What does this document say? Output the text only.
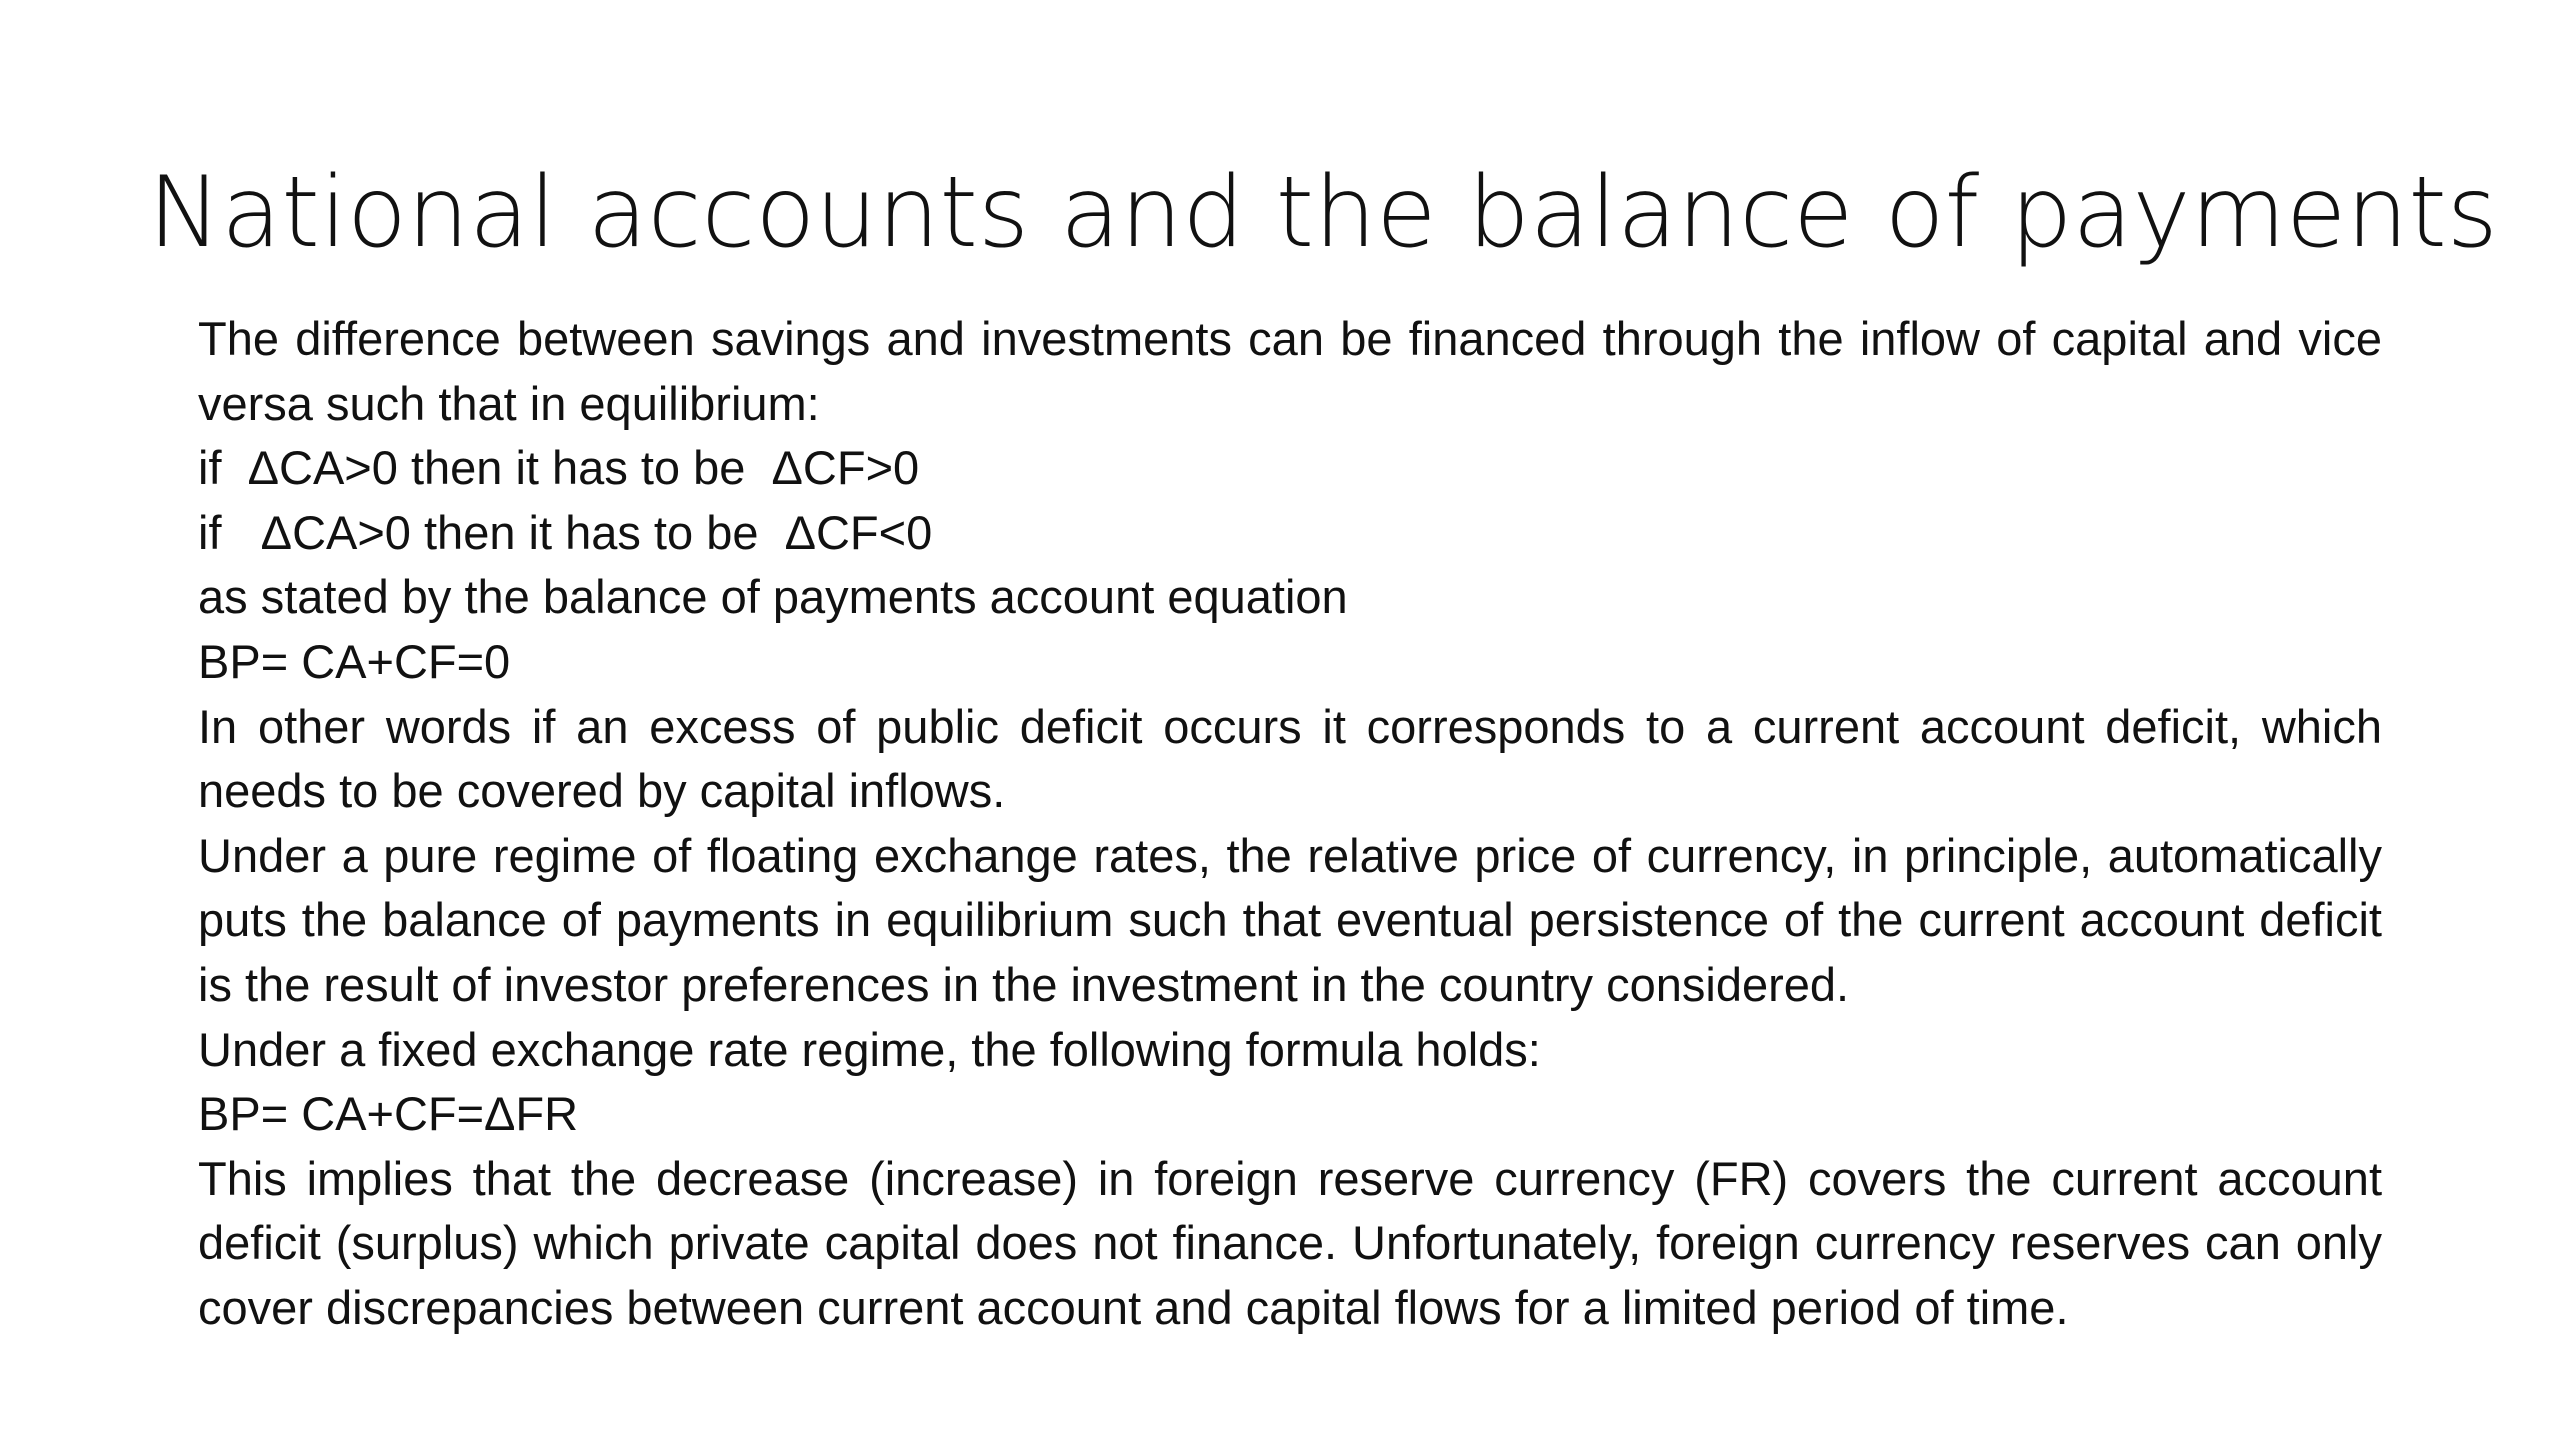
National accounts and the balance of payments

The difference between savings and investments can be financed through the inflow of capital and vice versa such that in equilibrium:

if  ΔCA>0 then it has to be  ΔCF>0

if   ΔCA>0 then it has to be  ΔCF<0

as stated by the balance of payments account equation

BP= CA+CF=0

In other words if an excess of public deficit occurs it corresponds to a current account deficit, which needs to be covered by capital inflows.

Under a pure regime of floating exchange rates, the relative price of currency, in principle, automatically puts the balance of payments in equilibrium such that eventual persistence of the current account deficit is the result of investor preferences in the investment in the country considered.

Under a fixed exchange rate regime, the following formula holds:

BP= CA+CF=ΔFR

This implies that the decrease (increase) in foreign reserve currency (FR) covers the current account deficit (surplus) which private capital does not finance. Unfortunately, foreign currency reserves can only cover discrepancies between current account and capital flows for a limited period of time.
